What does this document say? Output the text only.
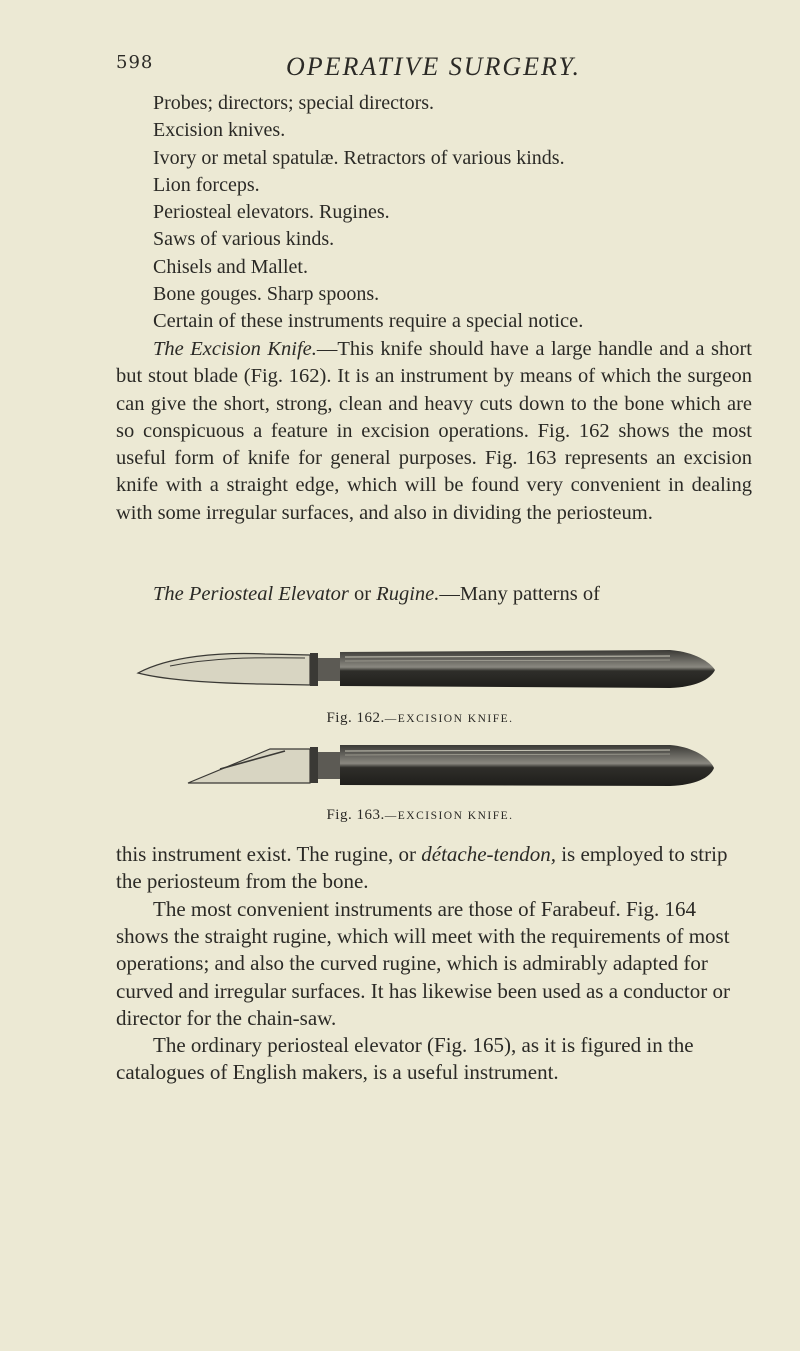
598	OPERATIVE SURGERY.
Probes; directors; special directors.
Excision knives.
Ivory or metal spatulæ. Retractors of various kinds.
Lion forceps.
Periosteal elevators. Rugines.
Saws of various kinds.
Chisels and Mallet.
Bone gouges. Sharp spoons.
Certain of these instruments require a special notice.
The Excision Knife.—This knife should have a large handle and a short but stout blade (Fig. 162). It is an instrument by means of which the surgeon can give the short, strong, clean and heavy cuts down to the bone which are so conspicuous a feature in excision operations. Fig. 162 shows the most useful form of knife for general purposes. Fig. 163 represents an excision knife with a straight edge, which will be found very convenient in dealing with some irregular surfaces, and also in dividing the periosteum.
The Periosteal Elevator or Rugine.—Many patterns of
Fig. 162.—EXCISION KNIFE.
Fig. 163.—EXCISION KNIFE.
this instrument exist. The rugine, or détache-tendon, is employed to strip the periosteum from the bone.
The most convenient instruments are those of Farabeuf. Fig. 164 shows the straight rugine, which will meet with the requirements of most operations; and also the curved rugine, which is admirably adapted for curved and irregular surfaces. It has likewise been used as a conductor or director for the chain-saw.
The ordinary periosteal elevator (Fig. 165), as it is figured in the catalogues of English makers, is a useful instrument.
